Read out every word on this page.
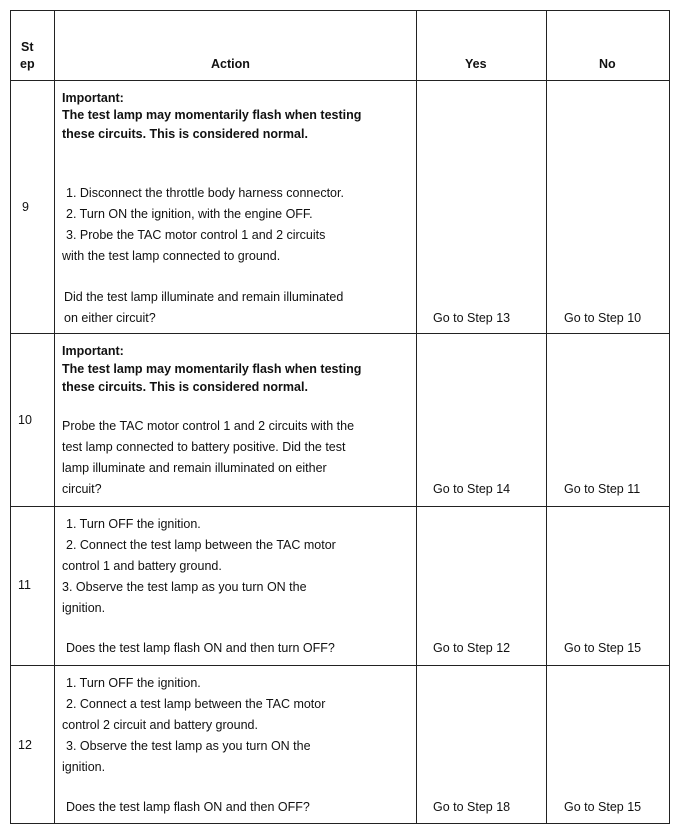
St
ep	Action	Yes	No
9
Important:
The test lamp may momentarily flash when testing
these circuits. This is considered normal.
1. Disconnect the throttle body harness connector.
2. Turn ON the ignition, with the engine OFF.
3. Probe the TAC motor control 1 and 2 circuits
with the test lamp connected to ground.
Did the test lamp illuminate and remain illuminated
on either circuit?	Go to Step 13	Go to Step 10
10
Important:
The test lamp may momentarily flash when testing
these circuits. This is considered normal.
Probe the TAC motor control 1 and 2 circuits with the
test lamp connected to battery positive. Did the test
lamp illuminate and remain illuminated on either
circuit?	Go to Step 14	Go to Step 11
11
1. Turn OFF the ignition.
2. Connect the test lamp between the TAC motor
control 1 and battery ground.
3. Observe the test lamp as you turn ON the
ignition.
Does the test lamp flash ON and then turn OFF?	Go to Step 12	Go to Step 15
12
1. Turn OFF the ignition.
2. Connect a test lamp between the TAC motor
control 2 circuit and battery ground.
3. Observe the test lamp as you turn ON the
ignition.
Does the test lamp flash ON and then OFF?	Go to Step 18	Go to Step 15
